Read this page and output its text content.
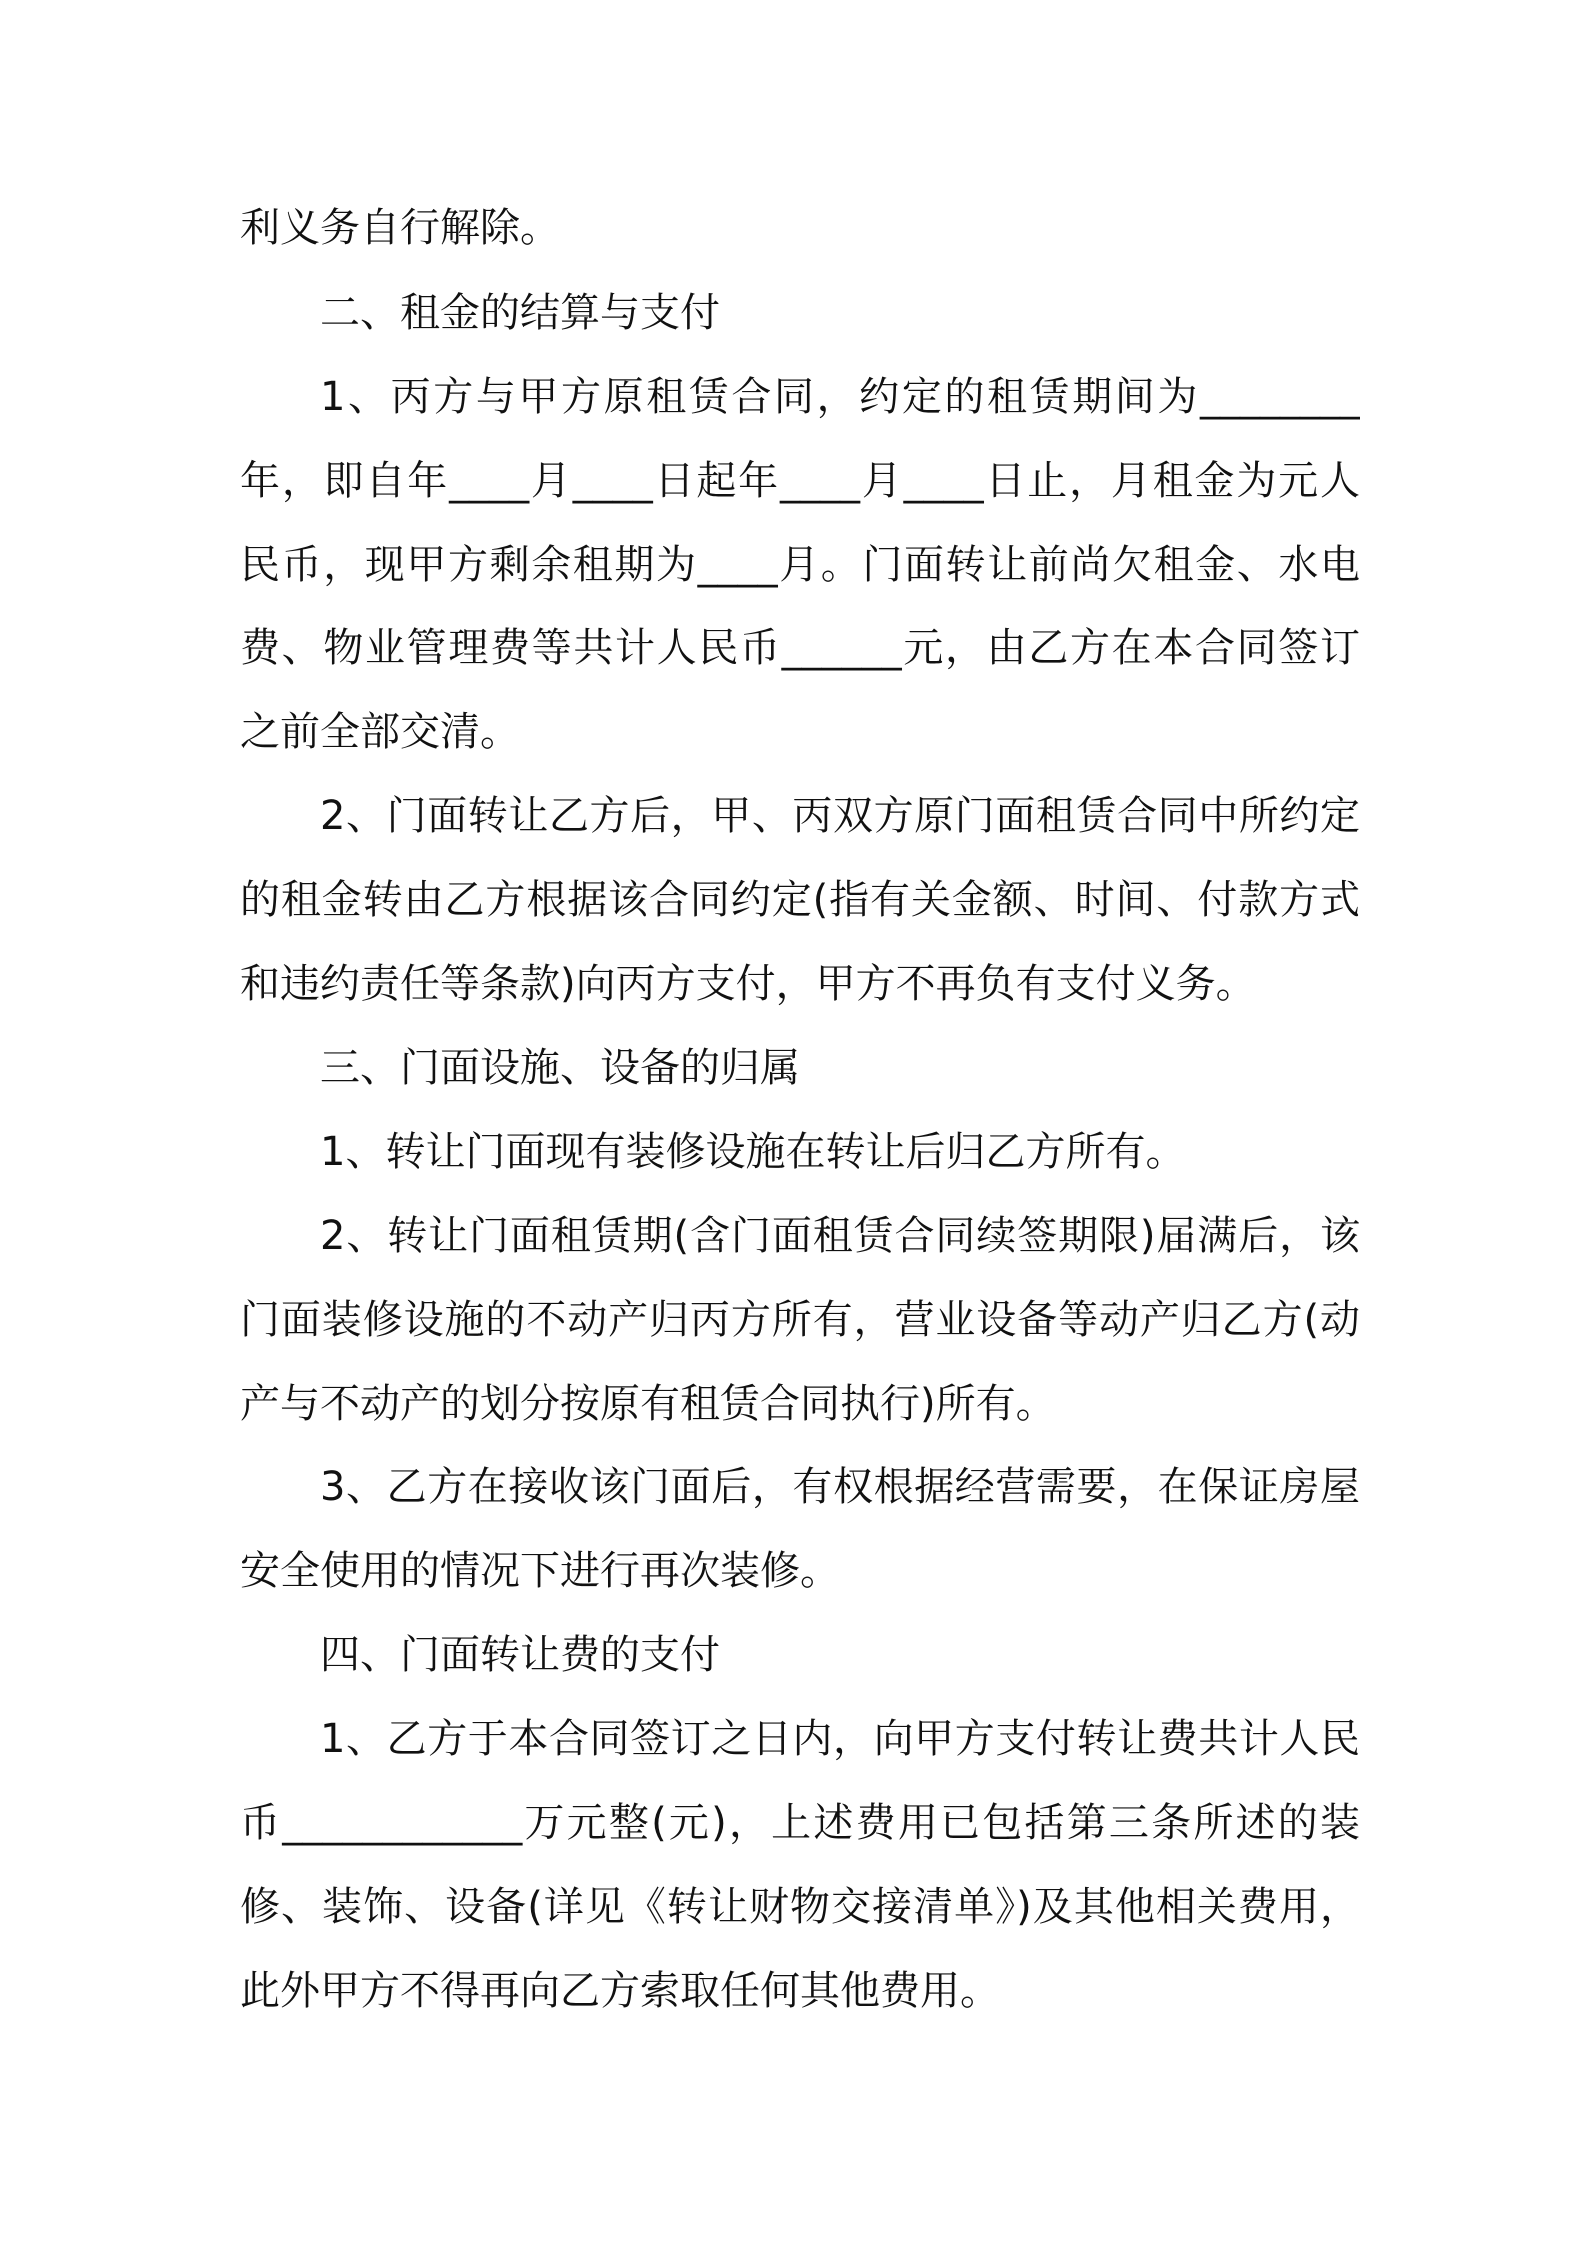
利义务自行解除。
二、租金的结算与支付
1、丙方与甲方原租赁合同，约定的租赁期间为________
年，即自年____月____日起年____月____日止，月租金为元人
民币，现甲方剩余租期为____月。门面转让前尚欠租金、水电
费、物业管理费等共计人民币______元，由乙方在本合同签订
之前全部交清。
2、门面转让乙方后，甲、丙双方原门面租赁合同中所约定
的租金转由乙方根据该合同约定(指有关金额、时间、付款方式
和违约责任等条款)向丙方支付，甲方不再负有支付义务。
三、门面设施、设备的归属
1、转让门面现有装修设施在转让后归乙方所有。
2、转让门面租赁期(含门面租赁合同续签期限)届满后，该
门面装修设施的不动产归丙方所有，营业设备等动产归乙方(动
产与不动产的划分按原有租赁合同执行)所有。
3、乙方在接收该门面后，有权根据经营需要，在保证房屋
安全使用的情况下进行再次装修。
四、门面转让费的支付
1、乙方于本合同签订之日内，向甲方支付转让费共计人民
币____________万元整(元)，上述费用已包括第三条所述的装
修、装饰、设备(详见《转让财物交接清单》)及其他相关费用，
此外甲方不得再向乙方索取任何其他费用。
